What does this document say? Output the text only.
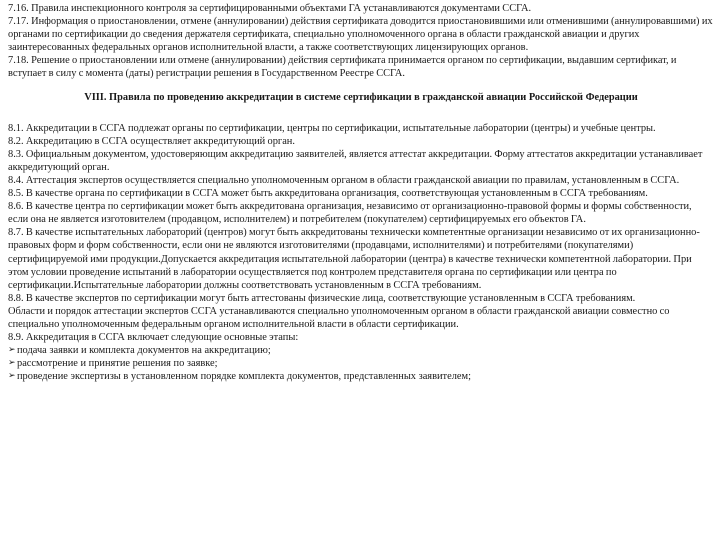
7.16. Правила инспекционного контроля за сертифицированными объектами ГА устанавливаются документами ССГА.

7.17. Информация о приостановлении, отмене (аннулировании) действия сертификата доводится приостановившими или отменившими (аннулировавшими) их органами по сертификации до сведения держателя сертификата, специально уполномоченного органа в области гражданской авиации и других заинтересованных федеральных органов исполнительной власти, а также соответствующих лицензирующих органов.

7.18. Решение о приостановлении или отмене (аннулировании) действия сертификата принимается органом по сертификации, выдавшим сертификат, и вступает в силу с момента (даты) регистрации решения в Государственном Реестре ССГА.

VIII. Правила по проведению аккредитации в системе сертификации в гражданской авиации Российской Федерации

8.1. Аккредитации в ССГА подлежат органы по сертификации, центры по сертификации, испытательные лаборатории (центры) и учебные центры.

8.2. Аккредитацию в ССГА осуществляет аккредитующий орган.

8.3. Официальным документом, удостоверяющим аккредитацию заявителей, является аттестат аккредитации. Форму аттестатов аккредитации устанавливает аккредитующий орган.

8.4. Аттестация экспертов осуществляется специально уполномоченным органом в области гражданской авиации по правилам, установленным в ССГА.

8.5. В качестве органа по сертификации в ССГА может быть аккредитована организация, соответствующая установленным в ССГА требованиям.

8.6. В качестве центра по сертификации может быть аккредитована организация, независимо от организационно-правовой формы и формы собственности, если она не является изготовителем (продавцом, исполнителем) и потребителем (покупателем) сертифицируемых его объектов ГА.

8.7. В качестве испытательных лабораторий (центров) могут быть аккредитованы технически компетентные организации независимо от их организационно-правовых форм и форм собственности, если они не являются изготовителями (продавцами, исполнителями) и потребителями (покупателями) сертифицируемой ими продукции.Допускается аккредитация испытательной лаборатории (центра) в качестве технически компетентной лаборатории. При этом условии проведение испытаний в лаборатории осуществляется под контролем представителя органа по сертификации или центра по сертификации.Испытательные лаборатории должны соответствовать установленным в ССГА требованиям.

8.8. В качестве экспертов по сертификации могут быть аттестованы физические лица, соответствующие установленным в ССГА требованиям.

Области и порядок аттестации экспертов ССГА устанавливаются специально уполномоченным органом в области гражданской авиации совместно со специально уполномоченным федеральным органом исполнительной власти в области сертификации.

8.9. Аккредитация в ССГА включает следующие основные этапы:

➢ подача заявки и комплекта документов на аккредитацию;
➢ рассмотрение и принятие решения по заявке;
➢ проведение экспертизы в установленном порядке комплекта документов, представленных заявителем;
